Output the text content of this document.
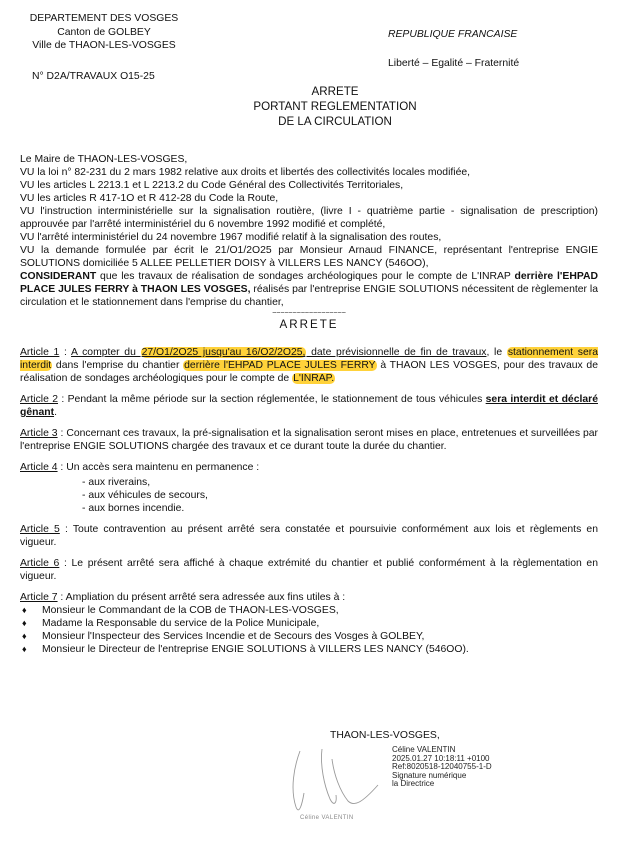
DEPARTEMENT DES VOSGES
Canton de GOLBEY
Ville de THAON-LES-VOSGES
N° D2A/TRAVAUX O15-25
REPUBLIQUE FRANCAISE
Liberté – Egalité – Fraternité
ARRETE
PORTANT REGLEMENTATION
DE LA CIRCULATION

Le Maire de THAON-LES-VOSGES,

VU la loi n° 82-231 du 2 mars 1982 relative aux droits et libertés des collectivités locales modifiée,

VU les articles L 2213.1 et L 2213.2 du Code Général des Collectivités Territoriales,

VU les articles R 417-1O et R 412-28 du Code la Route,

VU l'instruction interministérielle sur la signalisation routière, (livre I - quatrième partie - signalisation de prescription) approuvée par l'arrêté interministériel du 6 novembre 1992 modifié et complété,

VU l'arrêté interministériel du 24 novembre 1967 modifié relatif à la signalisation des routes,

VU la demande formulée par écrit le 21/O1/2O25 par Monsieur Arnaud FINANCE, représentant l'entreprise ENGIE SOLUTIONS domiciliée 5 ALLEE PELLETIER DOISY à VILLERS LES NANCY (546OO),

CONSIDERANT que les travaux de réalisation de sondages archéologiques pour le compte de L'INRAP derrière l'EHPAD PLACE JULES FERRY à THAON LES VOSGES, réalisés par l'entreprise ENGIE SOLUTIONS nécessitent de règlementer la circulation et le stationnement dans l'emprise du chantier,

~~~~~~~~~~~~~~~~~~
ARRETE

Article 1 : A compter du 27/O1/2O25 jusqu'au 16/O2/2O25, date prévisionnelle de fin de travaux, le stationnement sera interdit dans l'emprise du chantier derrière l'EHPAD PLACE JULES FERRY à THAON LES VOSGES, pour des travaux de réalisation de sondages archéologiques pour le compte de L'INRAP.

Article 2 : Pendant la même période sur la section réglementée, le stationnement de tous véhicules sera interdit et déclaré gênant.

Article 3 : Concernant ces travaux, la pré-signalisation et la signalisation seront mises en place, entretenues et surveillées par l'entreprise ENGIE SOLUTIONS chargée des travaux et ce durant toute la durée du chantier.

Article 4 : Un accès sera maintenu en permanence :

- aux riverains,
- aux véhicules de secours,
- aux bornes incendie.

Article 5 : Toute contravention au présent arrêté sera constatée et poursuivie conformément aux lois et règlements en vigueur.

Article 6 : Le présent arrêté sera affiché à chaque extrémité du chantier et publié conformément à la règlementation en vigueur.

Article 7 : Ampliation du présent arrêté sera adressée aux fins utiles à :

♦ Monsieur le Commandant de la COB de THAON-LES-VOSGES,
♦ Madame la Responsable du service de la Police Municipale,
♦ Monsieur l'Inspecteur des Services Incendie et de Secours des Vosges à GOLBEY,
♦ Monsieur le Directeur de l'entreprise ENGIE SOLUTIONS à VILLERS LES NANCY (546OO).
THAON-LES-VOSGES,
Céline VALENTIN
2025.01.27 10:18:11 +0100
Ref:8020518-12040755-1-D
Signature numérique
la Directrice
Céline VALENTIN
